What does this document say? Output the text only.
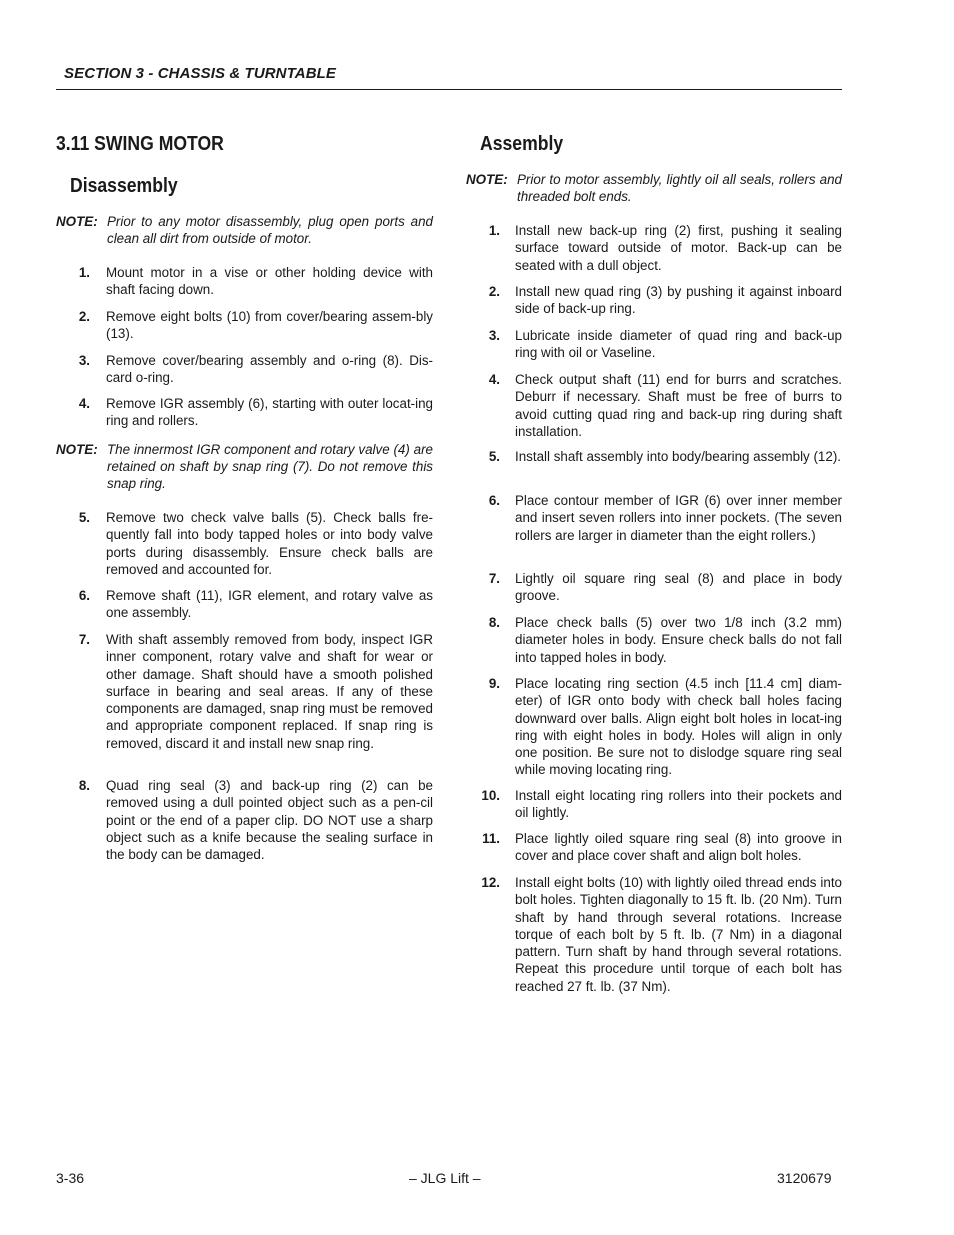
SECTION 3 - CHASSIS & TURNTABLE
3.11 SWING MOTOR
Disassembly
NOTE: Prior to any motor disassembly, plug open ports and clean all dirt from outside of motor.
1.	Mount motor in a vise or other holding device with shaft facing down.
2.	Remove eight bolts (10) from cover/bearing assem-bly (13).
3.	Remove cover/bearing assembly and o-ring (8). Dis-card o-ring.
4.	Remove IGR assembly (6), starting with outer locat-ing ring and rollers.
NOTE: The innermost IGR component and rotary valve (4) are retained on shaft by snap ring (7). Do not remove this snap ring.
5.	Remove two check valve balls (5). Check balls fre-quently fall into body tapped holes or into body valve ports during disassembly. Ensure check balls are removed and accounted for.
6.	Remove shaft (11), IGR element, and rotary valve as one assembly.
7.	With shaft assembly removed from body, inspect IGR inner component, rotary valve and shaft for wear or other damage. Shaft should have a smooth polished surface in bearing and seal areas. If any of these components are damaged, snap ring must be removed and appropriate component replaced. If snap ring is removed, discard it and install new snap ring.
8.	Quad ring seal (3) and back-up ring (2) can be removed using a dull pointed object such as a pen-cil point or the end of a paper clip. DO NOT use a sharp object such as a knife because the sealing surface in the body can be damaged.
Assembly
NOTE: Prior to motor assembly, lightly oil all seals, rollers and threaded bolt ends.
1.	Install new back-up ring (2) first, pushing it sealing surface toward outside of motor. Back-up can be seated with a dull object.
2.	Install new quad ring (3) by pushing it against inboard side of back-up ring.
3.	Lubricate inside diameter of quad ring and back-up ring with oil or Vaseline.
4.	Check output shaft (11) end for burrs and scratches. Deburr if necessary. Shaft must be free of burrs to avoid cutting quad ring and back-up ring during shaft installation.
5.	Install shaft assembly into body/bearing assembly (12).
6.	Place contour member of IGR (6) over inner member and insert seven rollers into inner pockets. (The seven rollers are larger in diameter than the eight rollers.)
7.	Lightly oil square ring seal (8) and place in body groove.
8.	Place check balls (5) over two 1/8 inch (3.2 mm) diameter holes in body. Ensure check balls do not fall into tapped holes in body.
9.	Place locating ring section (4.5 inch [11.4 cm] diam-eter) of IGR onto body with check ball holes facing downward over balls. Align eight bolt holes in locat-ing ring with eight holes in body. Holes will align in only one position. Be sure not to dislodge square ring seal while moving locating ring.
10.	Install eight locating ring rollers into their pockets and oil lightly.
11.	Place lightly oiled square ring seal (8) into groove in cover and place cover shaft and align bolt holes.
12.	Install eight bolts (10) with lightly oiled thread ends into bolt holes. Tighten diagonally to 15 ft. lb. (20 Nm). Turn shaft by hand through several rotations. Increase torque of each bolt by 5 ft. lb. (7 Nm) in a diagonal pattern. Turn shaft by hand through several rotations. Repeat this procedure until torque of each bolt has reached 27 ft. lb. (37 Nm).
3-36	– JLG Lift –	3120679
